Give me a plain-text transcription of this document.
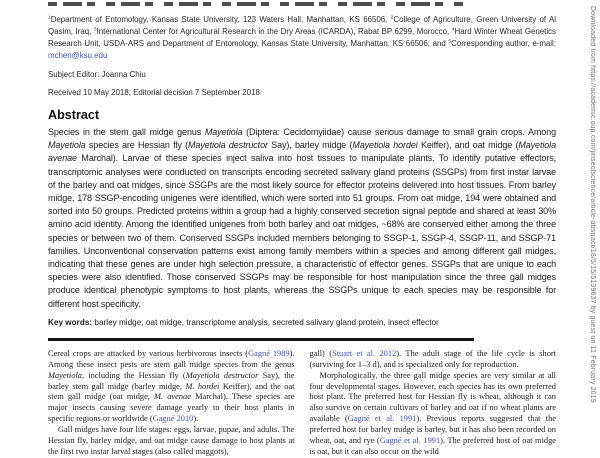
$^1$Department of Entomology, Kansas State University, 123 Waters Hall, Manhattan, KS 66506, $^2$College of Agriculture, Green University of Al Qasim, Iraq, $^3$International Center for Agricultural Research in the Dry Areas (ICARDA), Rabat BP 6299, Morocco, $^4$Hard Winter Wheat Genetics Research Unit, USDA-ARS and Department of Entomology, Kansas State University, Manhattan, KS 66506, and $^5$Corresponding author, e-mail: mchen@ksu.edu

Subject Editor: Joanna Chiu

Received 10 May 2018; Editorial decision 7 September 2018

Abstract

Species in the stem gall midge genus Mayetiola (Diptera: Cecidomyiidae) cause serious damage to small grain crops. Among Mayetiola species are Hessian fly (Mayetiola destructor Say), barley midge (Mayetiola hordei Keiffer), and oat midge (Mayetiola avenae Marchal). Larvae of these species inject saliva into host tissues to manipulate plants. To identify putative effectors, transcriptomic analyses were conducted on transcripts encoding secreted salivary gland proteins (SSGPs) from first instar larvae of the barley and oat midges, since SSGPs are the most likely source for effector proteins delivered into host tissues. From barley midge, 178 SSGP-encoding unigenes were identified, which were sorted into 51 groups. From oat midge, 194 were obtained and sorted into 50 groups. Predicted proteins within a group had a highly conserved secretion signal peptide and shared at least 30% amino acid identity. Among the identified unigenes from both barley and oat midges, ~68% are conserved either among the three species or between two of them. Conserved SSGPs included members belonging to SSGP-1, SSGP-4, SSGP-11, and SSGP-71 families. Unconventional conservation patterns exist among family members within a species and among different gall midges, indicating that these genes are under high selection pressure, a characteristic of effector genes. SSGPs that are unique to each species were also identified. Those conserved SSGPs may be responsible for host manipulation since the three gall midges produce identical phenotypic symptoms to host plants, whereas the SSGPs unique to each species may be responsible for different host specificity.

Key words: barley midge, oat midge, transcriptome analysis, secreted salivary gland protein, insect effector

Cereal crops are attacked by various herbivorous insects (Gagné 1989). Among these insect pests are stem gall midge species from the genus Mayetiola, including the Hessian fly (Mayetiola destructor Say), the barley stem gall midge (barley midge, M. hordei Keiffer), and the oat stem gall midge (oat midge, M. avenae Marchal). These species are major insects causing severe damage yearly to their host plants in specific regions or worldwide (Gagné 2010).

Gall midges have four life stages: eggs, larvae, pupae, and adults. The Hessian fly, barley midge, and oat midge cause damage to host plants at the first two instar larval stages (also called maggots),

gall) (Stuart et al. 2012). The adult stage of the life cycle is short (surviving for 1–3 d), and is specialized only for reproduction.

Morphologically, the three gall midge species are very similar at all four developmental stages. However, each species has its own preferred host plant. The preferred host for Hessian fly is wheat, although it can also survive on certain cultivars of barley and oat if no wheat plants are available (Gagné et al. 1991). Previous reports suggested that the preferred host for barley midge is barley, but it has also been recorded on wheat, oat, and rye (Gagné et al. 1991). The preferred host of oat midge is oat, but it can also occur on the wild

Downloaded from https://academic.oup.com/jinsectscience/article-abstract/18/5/15/5139637 by guest on 11 February 2019
